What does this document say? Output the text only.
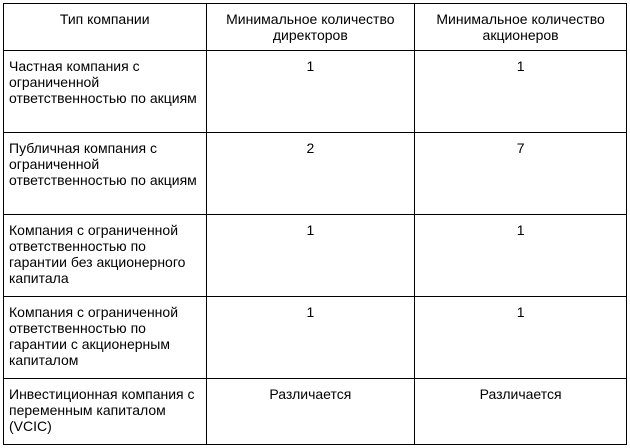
Тип компании	Минимальное количество директоров	Минимальное количество акционеров
Частная компания с ограниченной ответственностью по акциям	1	1
Публичная компания с ограниченной ответственностью по акциям	2	7
Компания с ограниченной ответственностью по гарантии без акционерного капитала	1	1
Компания с ограниченной ответственностью по гарантии с акционерным капиталом	1	1
Инвестиционная компания с переменным капиталом (VCIC)	Различается	Различается
